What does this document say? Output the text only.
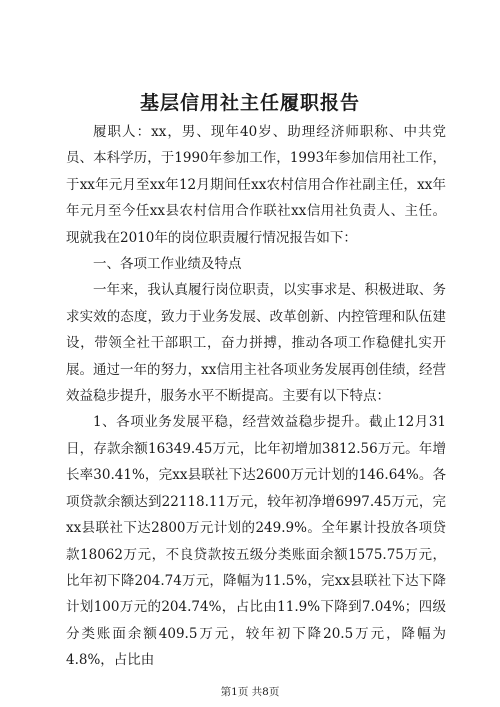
基层信用社主任履职报告

履职人：xx，男、现年40岁、助理经济师职称、中共党员、本科学历，于1990年参加工作，1993年参加信用社工作，于xx年元月至xx年12月期间任xx农村信用合作社副主任，xx年年元月至今任xx县农村信用合作联社xx信用社负责人、主任。现就我在2010年的岗位职责履行情况报告如下：

一、各项工作业绩及特点

一年来，我认真履行岗位职责，以实事求是、积极进取、务求实效的态度，致力于业务发展、改革创新、内控管理和队伍建设，带领全社干部职工，奋力拼搏，推动各项工作稳健扎实开展。通过一年的努力，xx信用主社各项业务发展再创佳绩，经营效益稳步提升，服务水平不断提高。主要有以下特点：

1、各项业务发展平稳，经营效益稳步提升。截止12月31日，存款余额16349.45万元，比年初增加3812.56万元。年增长率30.41%，完xx县联社下达2600万元计划的146.64%。各项贷款余额达到22118.11万元，较年初净增6997.45万元，完xx县联社下达2800万元计划的249.9%。全年累计投放各项贷款18062万元，不良贷款按五级分类账面余额1575.75万元，比年初下降204.74万元，降幅为11.5%，完xx县联社下达下降计划100万元的204.74%，占比由11.9%下降到7.04%；四级分类账面余额409.5万元，较年初下降20.5万元，降幅为4.8%，占比由

第1页 共8页
